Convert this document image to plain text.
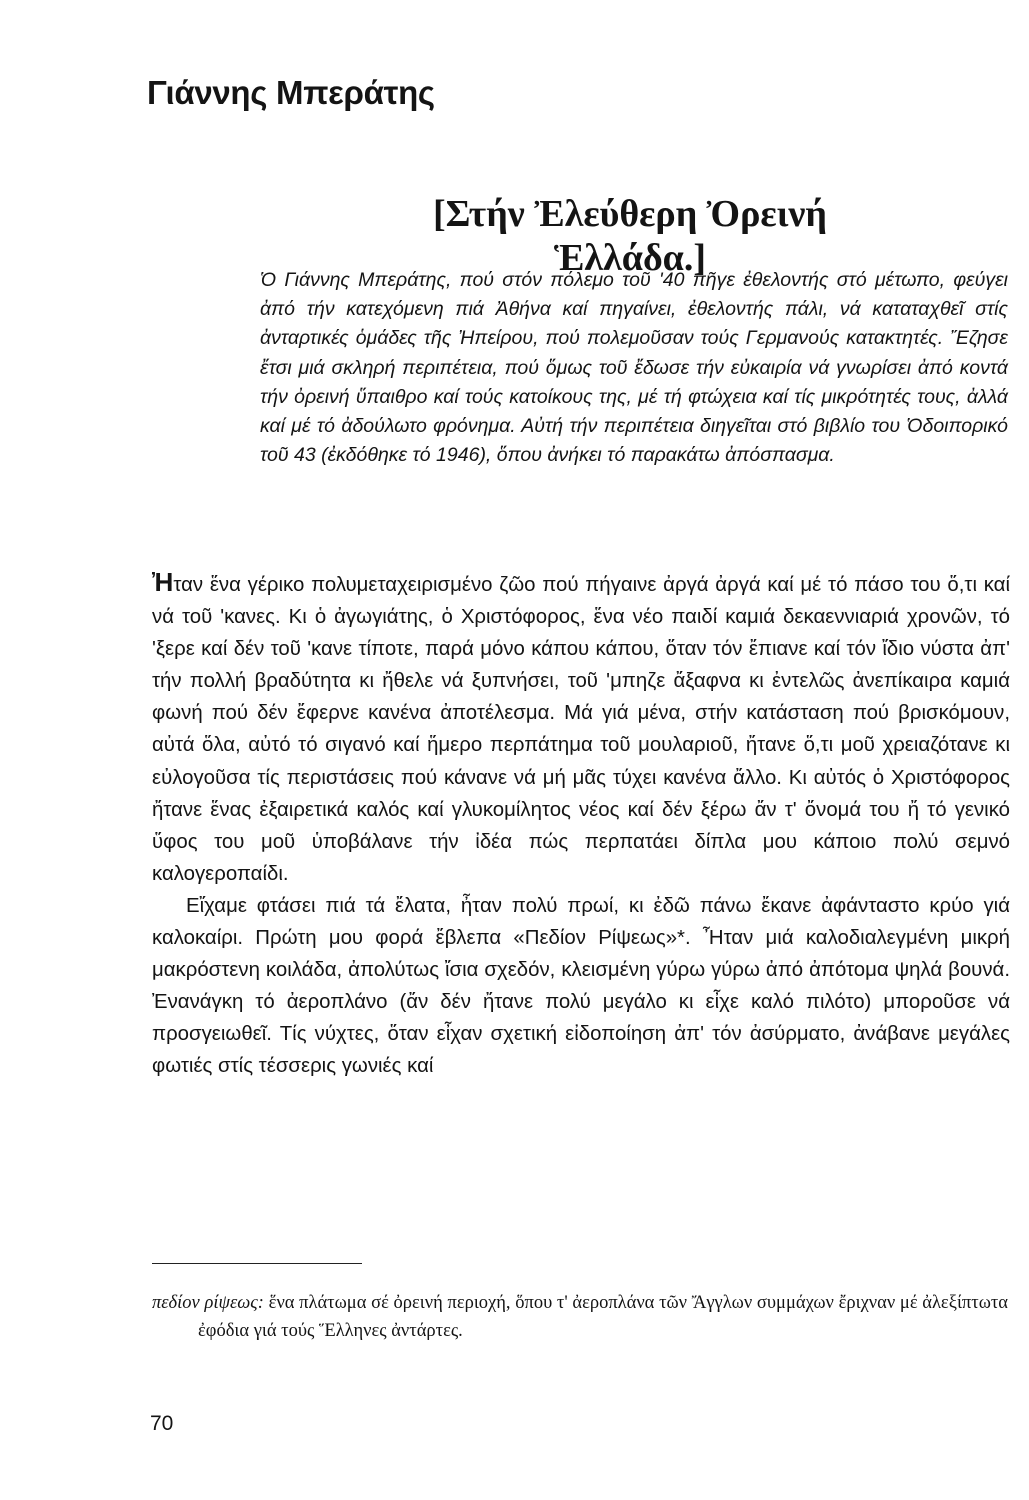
Γιάννης Μπεράτης
[Στήν Ἐλεύθερη Ὀρεινή Ἑλλάδα.]

Ὁ Γιάννης Μπεράτης, πού στόν πόλεμο τοῦ '40 πῆγε ἐθελοντής στό μέτωπο, φεύγει ἀπό τήν κατεχόμενη πιά Ἀθήνα καί πηγαίνει, ἐθελοντής πάλι, νά καταταχθεῖ στίς ἀνταρτικές ὁμάδες τῆς Ἠπείρου, πού πολεμοῦσαν τούς Γερμανούς κατακτητές. Ἔζησε ἔτσι μιά σκληρή περιπέτεια, πού ὅμως τοῦ ἔδωσε τήν εὐκαιρία νά γνωρίσει ἀπό κοντά τήν ὀρεινή ὕπαιθρο καί τούς κατοίκους της, μέ τή φτώχεια καί τίς μικρότητές τους, ἀλλά καί μέ τό ἀδούλωτο φρόνημα. Αὐτή τήν περιπέτεια διηγεῖται στό βιβλίο του Ὁδοιπορικό τοῦ 43 (ἐκδόθηκε τό 1946), ὅπου ἀνήκει τό παρακάτω ἀπόσπασμα.

Ἠταν ἕνα γέρικο πολυμεταχειρισμένο ζῶο πού πήγαινε ἀργά ἀργά καί μέ τό πάσο του ὅ,τι καί νά τοῦ 'κανες. Κι ὁ ἀγωγιάτης, ὁ Χριστόφορος, ἕνα νέο παιδί καμιά δεκαεννιαριά χρονῶν, τό 'ξερε καί δέν τοῦ 'κανε τίποτε, παρά μόνο κάπου κάπου, ὅταν τόν ἔπιανε καί τόν ἴδιο νύστα ἀπ' τήν πολλή βραδύτητα κι ἤθελε νά ξυπνήσει, τοῦ 'μπηζε ἄξαφνα κι ἐντελῶς ἀνεπίκαιρα καμιά φωνή πού δέν ἔφερνε κανένα ἀποτέλεσμα. Μά γιά μένα, στήν κατάσταση πού βρισκόμουν, αὐτά ὅλα, αὐτό τό σιγανό καί ἥμερο περπάτημα τοῦ μουλαριοῦ, ἤτανε ὅ,τι μοῦ χρειαζότανε κι εὐλογοῦσα τίς περιστάσεις πού κάνανε νά μή μᾶς τύχει κανένα ἄλλο. Κι αὐτός ὁ Χριστόφορος ἤτανε ἕνας ἐξαιρετικά καλός καί γλυκομίλητος νέος καί δέν ξέρω ἄν τ' ὄνομά του ἤ τό γενικό ὕφος του μοῦ ὑποβάλανε τήν ἰδέα πώς περπατάει δίπλα μου κάποιο πολύ σεμνό καλογεροπαίδι.

Εἴχαμε φτάσει πιά τά ἔλατα, ἦταν πολύ πρωί, κι ἐδῶ πάνω ἔκανε ἀφάνταστο κρύο γιά καλοκαίρι. Πρώτη μου φορά ἔβλεπα «Πεδίον Ρίψεως»*. Ἦταν μιά καλοδιαλεγμένη μικρή μακρόστενη κοιλάδα, ἀπολύτως ἴσια σχεδόν, κλεισμένη γύρω γύρω ἀπό ἀπότομα ψηλά βουνά. Ἐνανάγκη τό ἀεροπλάνο (ἄν δέν ἤτανε πολύ μεγάλο κι εἶχε καλό πιλότο) μποροῦσε νά προσγειωθεῖ. Τίς νύχτες, ὅταν εἶχαν σχετική εἰδοποίηση ἀπ' τόν ἀσύρματο, ἀνάβανε μεγάλες φωτιές στίς τέσσερις γωνιές καί

πεδίον ρίψεως: ἕνα πλάτωμα σέ ὀρεινή περιοχή, ὅπου τ' ἀεροπλάνα τῶν Ἄγγλων συμμάχων ἔριχναν μέ ἀλεξίπτωτα ἐφόδια γιά τούς Ἕλληνες ἀντάρτες.

70
